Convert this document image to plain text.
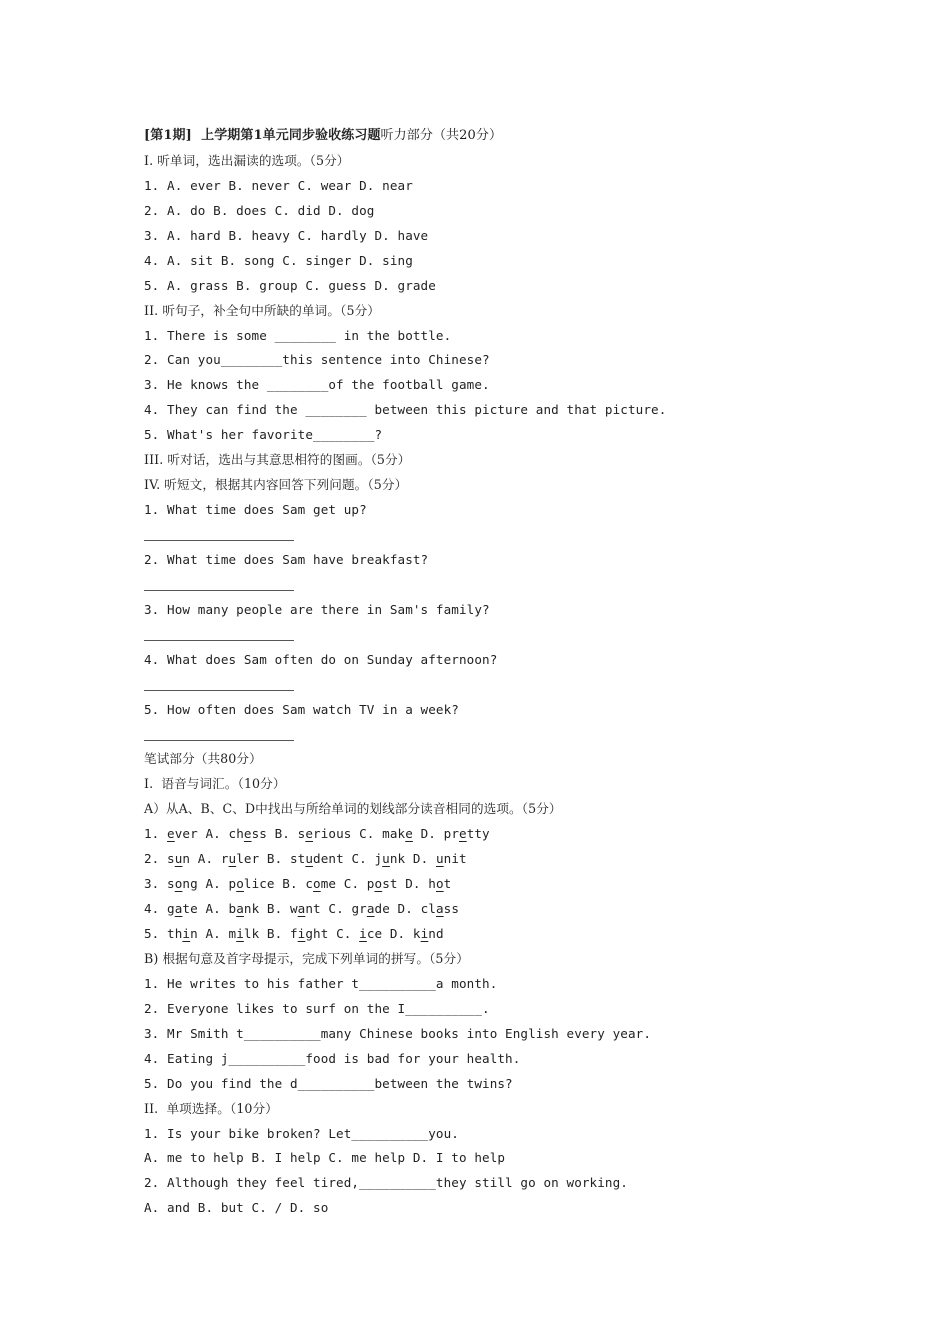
[第1期]  上学期第1单元同步验收练习题听力部分（共20分）
I. 听单词，选出漏读的选项。（5分）
1. A. ever B. never C. wear D. near
2. A. do B. does C. did D. dog
3. A. hard B. heavy C. hardly D. have
4. A. sit B. song C. singer D. sing
5. A. grass B. group C. guess D. grade
II. 听句子，补全句中所缺的单词。（5分）
1. There is some ________ in the bottle.
2. Can you________this sentence into Chinese?
3. He knows the ________of the football game.
4. They can find the ________ between this picture and that picture.
5. What's her favorite________?
III. 听对话，选出与其意思相符的图画。（5分）
IV. 听短文，根据其内容回答下列问题。（5分）
1. What time does Sam get up?
2. What time does Sam have breakfast?
3. How many people are there in Sam's family?
4. What does Sam often do on Sunday afternoon?
5. How often does Sam watch TV in a week?
笔试部分（共80分）
I.  语音与词汇。（10分）
A）从A、B、C、D中找出与所给单词的划线部分读音相同的选项。（5分）
1. ever A. chess B. serious C. make D. pretty
2. sun A. ruler B. student C. junk D. unit
3. song A. police B. come C. post D. hot
4. gate A. bank B. want C. grade D. class
5. thin A. milk B. fight C. ice D. kind
B) 根据句意及首字母提示，完成下列单词的拼写。（5分）
1. He writes to his father t__________a month.
2. Everyone likes to surf on the I__________.
3. Mr Smith t__________many Chinese books into English every year.
4. Eating j__________food is bad for your health.
5. Do you find the d__________between the twins?
II.  单项选择。（10分）
1. Is your bike broken? Let__________you.
A. me to help B. I help C. me help D. I to help
2. Although they feel tired,__________they still go on working.
A. and B. but C. / D. so
